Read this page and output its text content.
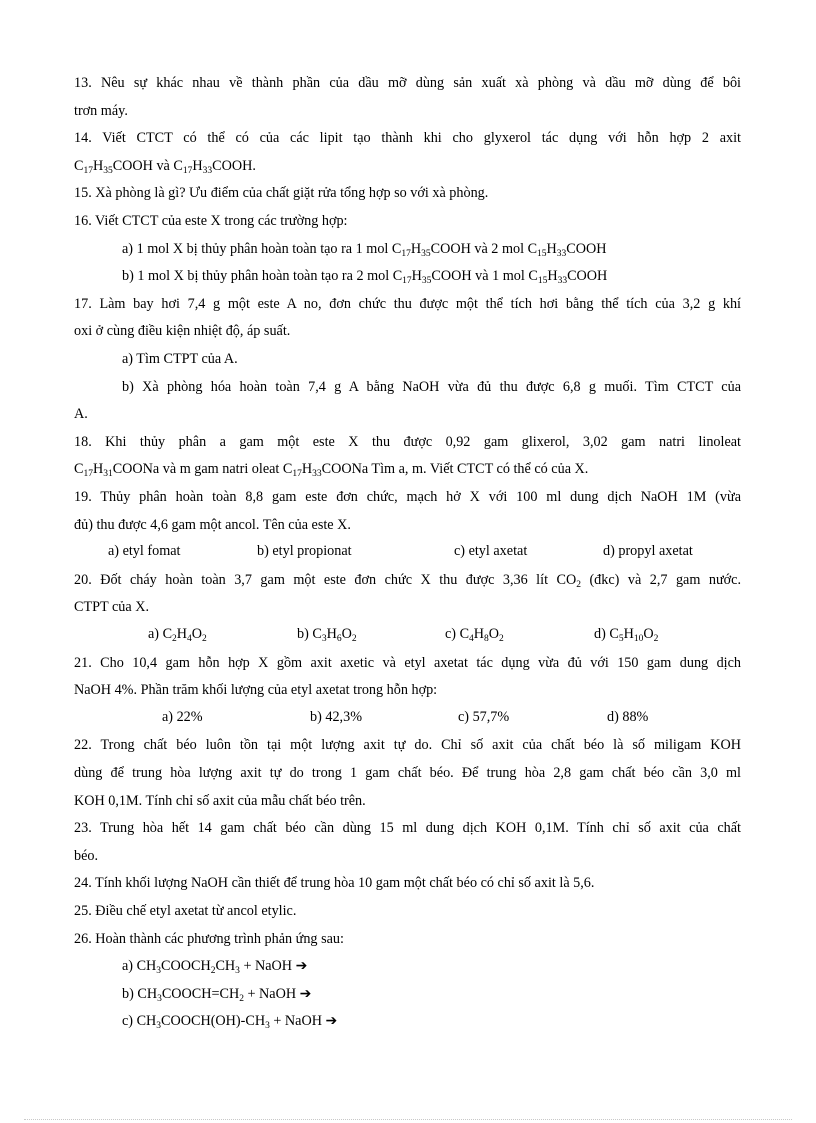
13. Nêu sự khác nhau về thành phần của dầu mỡ dùng sản xuất xà phòng và dầu mỡ dùng để bôi
trơn máy.
14. Viết CTCT có thể có của các lipit tạo thành khi cho glyxerol tác dụng với hỗn hợp 2 axit
$C_{17}H_{35}COOH$ và $C_{17}H_{33}COOH$.
15. Xà phòng là gì? Ưu điểm của chất giặt rửa tổng hợp so với xà phòng.
16. Viết CTCT của este X trong các trường hợp:
a) 1 mol X bị thủy phân hoàn toàn tạo ra 1 mol $C_{17}H_{35}COOH$ và 2 mol $C_{15}H_{33}COOH$
b) 1 mol X bị thủy phân hoàn toàn tạo ra 2 mol $C_{17}H_{35}COOH$ và 1 mol $C_{15}H_{33}COOH$
17. Làm bay hơi 7,4 g một este A no, đơn chức thu được một thể tích hơi bằng thể tích của 3,2 g khí
oxi ở cùng điều kiện nhiệt độ, áp suất.
a) Tìm CTPT của A.
b) Xà phòng hóa hoàn toàn 7,4 g A bằng NaOH vừa đủ thu được 6,8 g muối. Tìm CTCT của
A.
18. Khi thủy phân a gam một este X thu được 0,92 gam glixerol, 3,02 gam natri linoleat
$C_{17}H_{31}COONa$ và m gam natri oleat $C_{17}H_{33}COONa$ Tìm a, m. Viết CTCT có thể có của X.
19. Thủy phân hoàn toàn 8,8 gam este đơn chức, mạch hở X với 100 ml dung dịch NaOH 1M (vừa
đủ) thu được 4,6 gam một ancol. Tên của este X.
a) etyl fomat	b) etyl propionat	c) etyl axetat	d) propyl axetat
20. Đốt cháy hoàn toàn 3,7 gam một este đơn chức X thu được 3,36 lít $CO_2$ (đkc) và 2,7 gam nước.
CTPT của X.
a) $C_2H_4O_2$	b) $C_3H_6O_2$	c) $C_4H_8O_2$	d) $C_5H_{10}O_2$
21. Cho 10,4 gam hỗn hợp X gồm axit axetic và etyl axetat tác dụng vừa đủ với 150 gam dung dịch
NaOH 4%. Phần trăm khối lượng của etyl axetat trong hỗn hợp:
a) 22%	b) 42,3%	c) 57,7%	d) 88%
22. Trong chất béo luôn tồn tại một lượng axit tự do. Chỉ số axit của chất béo là số miligam KOH
dùng để trung hòa lượng axit tự do trong 1 gam chất béo. Để trung hòa 2,8 gam chất béo cần 3,0 ml
KOH 0,1M. Tính chỉ số axit của mẫu chất béo trên.
23. Trung hòa hết 14 gam chất béo cần dùng 15 ml dung dịch KOH 0,1M. Tính chỉ số axit của chất
béo.
24. Tính khối lượng NaOH cần thiết để trung hòa 10 gam một chất béo có chỉ số axit là 5,6.
25. Điều chế etyl axetat từ ancol etylic.
26. Hoàn thành các phương trình phản ứng sau:
a) $CH_3COOCH_2CH_3$ + NaOH ➔
b) $CH_3COOCH=CH_2$ + NaOH ➔
c) $CH_3COOCH(OH)-CH_3$ + NaOH ➔
